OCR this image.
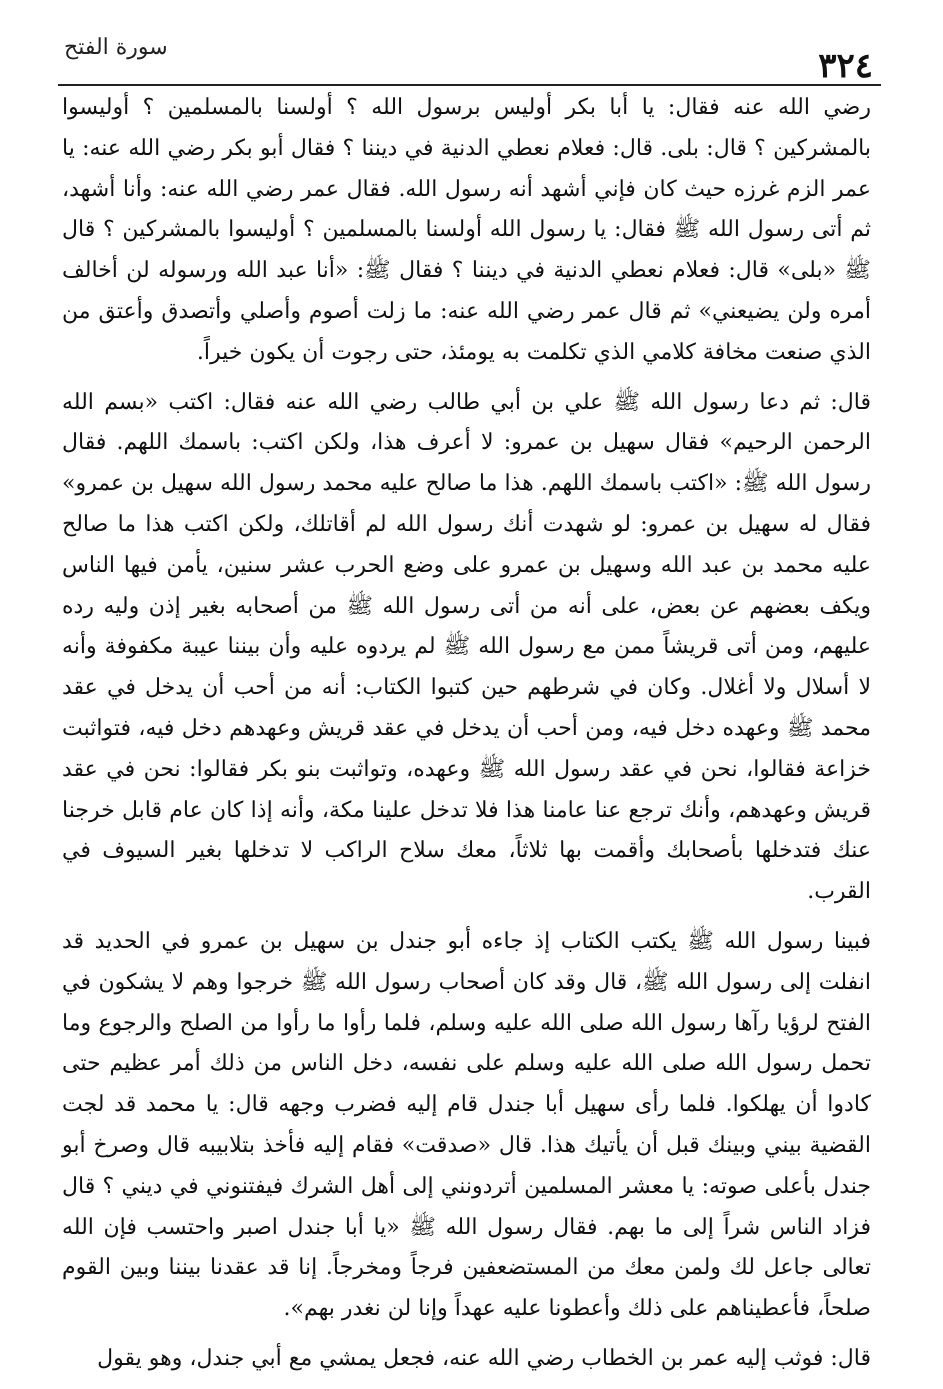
٣٢٤
سورة الفتح

رضي الله عنه فقال: يا أبا بكر أوليس برسول الله ؟ أولسنا بالمسلمين ؟ أوليسوا بالمشركين ؟ قال: بلى. قال: فعلام نعطي الدنية في ديننا ؟ فقال أبو بكر رضي الله عنه: يا عمر الزم غرزه حيث كان فإني أشهد أنه رسول الله. فقال عمر رضي الله عنه: وأنا أشهد، ثم أتى رسول الله ﷺ فقال: يا رسول الله أولسنا بالمسلمين ؟ أوليسوا بالمشركين ؟ قال ﷺ «بلى» قال: فعلام نعطي الدنية في ديننا ؟ فقال ﷺ: «أنا عبد الله ورسوله لن أخالف أمره ولن يضيعني» ثم قال عمر رضي الله عنه: ما زلت أصوم وأصلي وأتصدق وأعتق من الذي صنعت مخافة كلامي الذي تكلمت به يومئذ، حتى رجوت أن يكون خيراً.

قال: ثم دعا رسول الله ﷺ علي بن أبي طالب رضي الله عنه فقال: اكتب «بسم الله الرحمن الرحيم» فقال سهيل بن عمرو: لا أعرف هذا، ولكن اكتب: باسمك اللهم. فقال رسول الله ﷺ: «اكتب باسمك اللهم. هذا ما صالح عليه محمد رسول الله سهيل بن عمرو» فقال له سهيل بن عمرو: لو شهدت أنك رسول الله لم أقاتلك، ولكن اكتب هذا ما صالح عليه محمد بن عبد الله وسهيل بن عمرو على وضع الحرب عشر سنين، يأمن فيها الناس ويكف بعضهم عن بعض، على أنه من أتى رسول الله ﷺ من أصحابه بغير إذن وليه رده عليهم، ومن أتى قريشاً ممن مع رسول الله ﷺ لم يردوه عليه وأن بيننا عيبة مكفوفة وأنه لا أسلال ولا أغلال. وكان في شرطهم حين كتبوا الكتاب: أنه من أحب أن يدخل في عقد محمد ﷺ وعهده دخل فيه، ومن أحب أن يدخل في عقد قريش وعهدهم دخل فيه، فتواثبت خزاعة فقالوا، نحن في عقد رسول الله ﷺ وعهده، وتواثبت بنو بكر فقالوا: نحن في عقد قريش وعهدهم، وأنك ترجع عنا عامنا هذا فلا تدخل علينا مكة، وأنه إذا كان عام قابل خرجنا عنك فتدخلها بأصحابك وأقمت بها ثلاثاً، معك سلاح الراكب لا تدخلها بغير السيوف في القرب.

فبينا رسول الله ﷺ يكتب الكتاب إذ جاءه أبو جندل بن سهيل بن عمرو في الحديد قد انفلت إلى رسول الله ﷺ، قال وقد كان أصحاب رسول الله ﷺ خرجوا وهم لا يشكون في الفتح لرؤيا رآها رسول الله صلى الله عليه وسلم، فلما رأوا ما رأوا من الصلح والرجوع وما تحمل رسول الله صلى الله عليه وسلم على نفسه، دخل الناس من ذلك أمر عظيم حتى كادوا أن يهلكوا. فلما رأى سهيل أبا جندل قام إليه فضرب وجهه قال: يا محمد قد لجت القضية بيني وبينك قبل أن يأتيك هذا. قال «صدقت» فقام إليه فأخذ بتلابيبه قال وصرخ أبو جندل بأعلى صوته: يا معشر المسلمين أتردونني إلى أهل الشرك فيفتنوني في ديني ؟ قال فزاد الناس شراً إلى ما بهم. فقال رسول الله ﷺ «يا أبا جندل اصبر واحتسب فإن الله تعالى جاعل لك ولمن معك من المستضعفين فرجاً ومخرجاً. إنا قد عقدنا بيننا وبين القوم صلحاً، فأعطيناهم على ذلك وأعطونا عليه عهداً وإنا لن نغدر بهم».

قال: فوثب إليه عمر بن الخطاب رضي الله عنه، فجعل يمشي مع أبي جندل، وهو يقول
